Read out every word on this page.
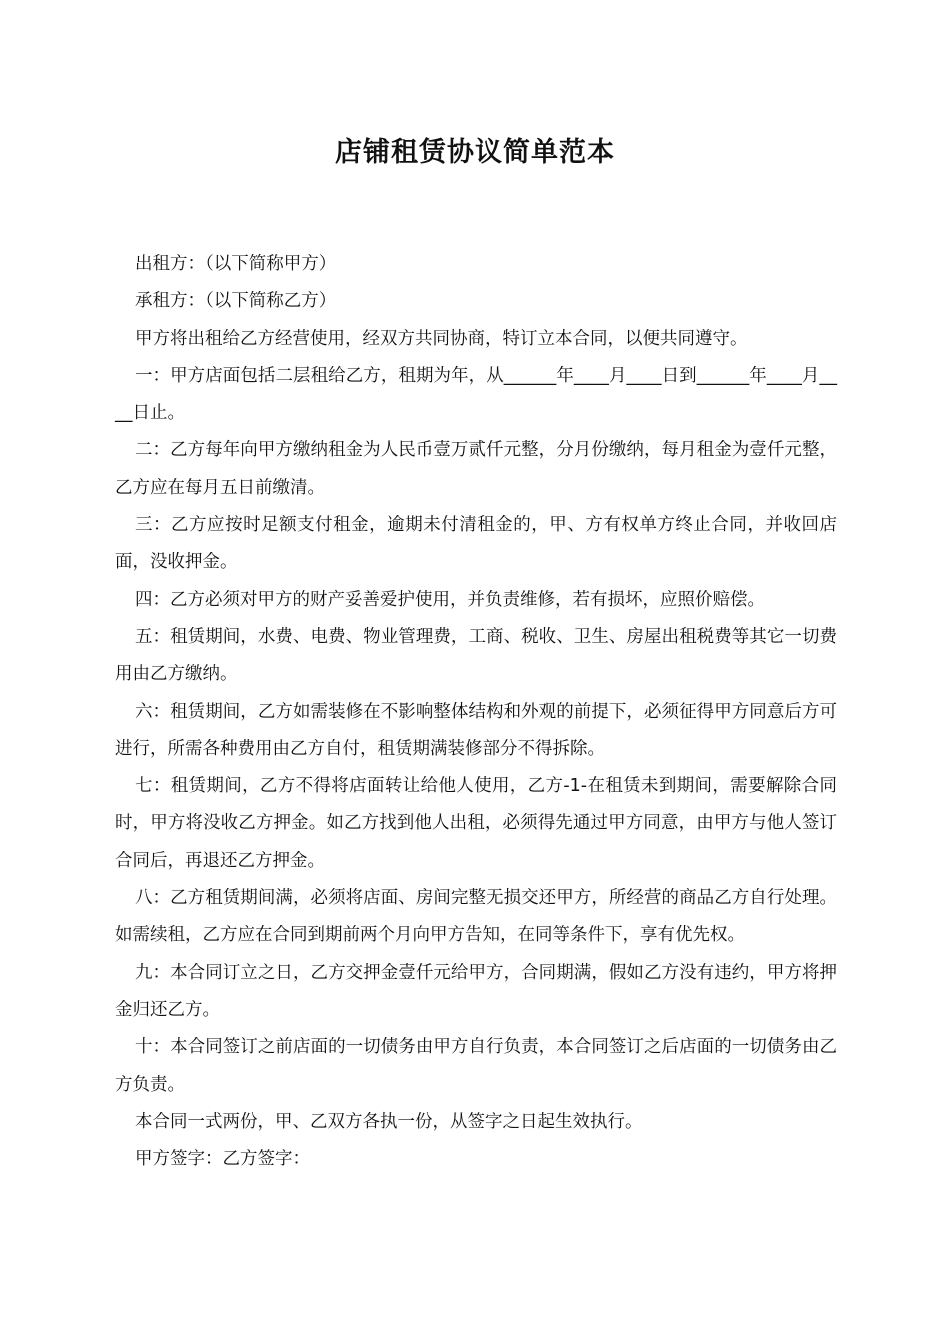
店铺租赁协议简单范本

出租方：（以下简称甲方）

承租方：（以下简称乙方）

甲方将出租给乙方经营使用，经双方共同协商，特订立本合同，以便共同遵守。

一：甲方店面包括二层租给乙方，租期为年，从______年____月____日到______年____月____日止。

二：乙方每年向甲方缴纳租金为人民币壹万贰仟元整，分月份缴纳，每月租金为壹仟元整，乙方应在每月五日前缴清。

三：乙方应按时足额支付租金，逾期未付清租金的，甲、方有权单方终止合同，并收回店面，没收押金。

四：乙方必须对甲方的财产妥善爱护使用，并负责维修，若有损坏，应照价赔偿。

五：租赁期间，水费、电费、物业管理费，工商、税收、卫生、房屋出租税费等其它一切费用由乙方缴纳。

六：租赁期间，乙方如需装修在不影响整体结构和外观的前提下，必须征得甲方同意后方可进行，所需各种费用由乙方自付，租赁期满装修部分不得拆除。

七：租赁期间，乙方不得将店面转让给他人使用，乙方-1-在租赁未到期间，需要解除合同时，甲方将没收乙方押金。如乙方找到他人出租，必须得先通过甲方同意，由甲方与他人签订合同后，再退还乙方押金。

八：乙方租赁期间满，必须将店面、房间完整无损交还甲方，所经营的商品乙方自行处理。如需续租，乙方应在合同到期前两个月向甲方告知，在同等条件下，享有优先权。

九：本合同订立之日，乙方交押金壹仟元给甲方，合同期满，假如乙方没有违约，甲方将押金归还乙方。

十：本合同签订之前店面的一切债务由甲方自行负责，本合同签订之后店面的一切债务由乙方负责。

本合同一式两份，甲、乙双方各执一份，从签字之日起生效执行。

甲方签字：乙方签字：
